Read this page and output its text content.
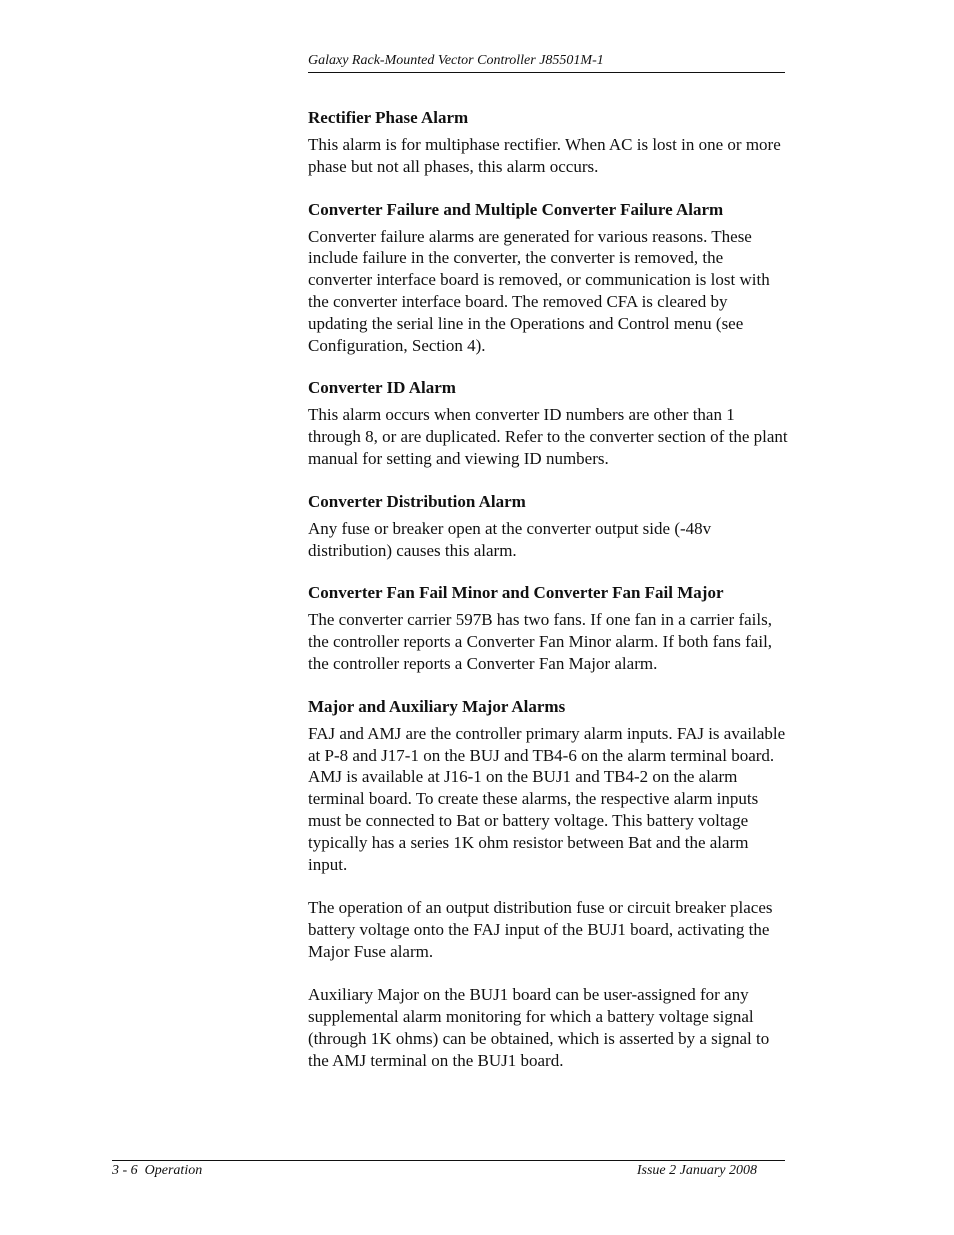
Galaxy Rack-Mounted Vector Controller J85501M-1
Rectifier Phase Alarm

This alarm is for multiphase rectifier. When AC is lost in one or more phase but not all phases, this alarm occurs.

Converter Failure and Multiple Converter Failure Alarm

Converter failure alarms are generated for various reasons. These include failure in the converter, the converter is removed, the converter interface board is removed, or communication is lost with the converter interface board. The removed CFA is cleared by updating the serial line in the Operations and Control menu (see Configuration, Section 4).

Converter ID Alarm

This alarm occurs when converter ID numbers are other than 1 through 8, or are duplicated. Refer to the converter section of the plant manual for setting and viewing ID numbers.

Converter Distribution Alarm

Any fuse or breaker open at the converter output side (-48v distribution) causes this alarm.

Converter Fan Fail Minor and Converter Fan Fail Major

The converter carrier 597B has two fans. If one fan in a carrier fails, the controller reports a Converter Fan Minor alarm. If both fans fail, the controller reports a Converter Fan Major alarm.

Major and Auxiliary Major Alarms

FAJ and AMJ are the controller primary alarm inputs. FAJ is available at P-8 and J17-1 on the BUJ and TB4-6 on the alarm terminal board. AMJ is available at J16-1 on the BUJ1 and TB4-2 on the alarm terminal board. To create these alarms, the respective alarm inputs must be connected to Bat or battery voltage. This battery voltage typically has a series 1K ohm resistor between Bat and the alarm input.

The operation of an output distribution fuse or circuit breaker places battery voltage onto the FAJ input of the BUJ1 board, activating the Major Fuse alarm.

Auxiliary Major on the BUJ1 board can be user-assigned for any supplemental alarm monitoring for which a battery voltage signal (through 1K ohms) can be obtained, which is asserted by a signal to the AMJ terminal on the BUJ1 board.

3 - 6  Operation	Issue 2 January 2008
